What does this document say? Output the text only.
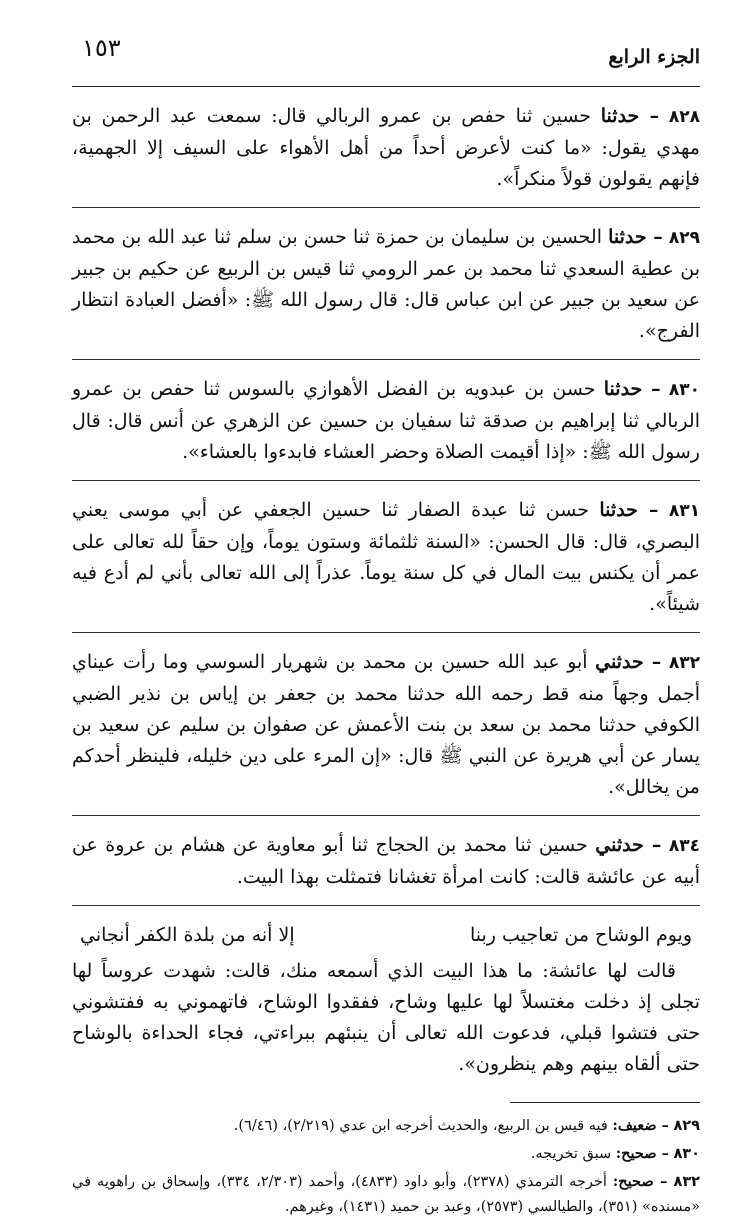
الجزء الرابع
١٥٣
٨٢٨ – حدثنا حسين ثنا حفص بن عمرو الربالي قال: سمعت عبد الرحمن بن مهدي يقول: «ما كنت لأعرض أحداً من أهل الأهواء على السيف إلا الجهمية، فإنهم يقولون قولاً منكراً».
٨٢٩ – حدثنا الحسين بن سليمان بن حمزة ثنا حسن بن سلم ثنا عبد الله بن محمد بن عطية السعدي ثنا محمد بن عمر الرومي ثنا قيس بن الربيع عن حكيم بن جبير عن سعيد بن جبير عن ابن عباس قال: قال رسول الله ﷺ: «أفضل العبادة انتظار الفرج».
٨٣٠ – حدثنا حسن بن عبدويه بن الفضل الأهوازي بالسوس ثنا حفص بن عمرو الربالي ثنا إبراهيم بن صدقة ثنا سفيان بن حسين عن الزهري عن أنس قال: قال رسول الله ﷺ: «إذا أقيمت الصلاة وحضر العشاء فابدءوا بالعشاء».
٨٣١ – حدثنا حسن ثنا عبدة الصفار ثنا حسين الجعفي عن أبي موسى يعني البصري، قال: قال الحسن: «السنة ثلثمائة وستون يوماً، وإن حقاً لله تعالى على عمر أن يكنس بيت المال في كل سنة يوماً. عذراً إلى الله تعالى بأني لم أدع فيه شيئاً».
٨٣٢ – حدثني أبو عبد الله حسين بن محمد بن شهريار السوسي وما رأت عيناي أجمل وجهاً منه قط رحمه الله حدثنا محمد بن جعفر بن إياس بن نذير الضبي الكوفي حدثنا محمد بن سعد بن بنت الأعمش عن صفوان بن سليم عن سعيد بن يسار عن أبي هريرة عن النبي ﷺ قال: «إن المرء على دين خليله، فلينظر أحدكم من يخالل».
٨٣٤ – حدثني حسين ثنا محمد بن الحجاج ثنا أبو معاوية عن هشام بن عروة عن أبيه عن عائشة قالت: كانت امرأة تغشانا فتمثلت بهذا البيت.
ويوم الوشاح من تعاجيب ربنا
إلا أنه من بلدة الكفر أنجاني

قالت لها عائشة: ما هذا البيت الذي أسمعه منك، قالت: شهدت عروساً لها تجلى إذ دخلت مغتسلاً لها عليها وشاح، ففقدوا الوشاح، فاتهموني به ففتشوني حتى فتشوا قبلي، فدعوت الله تعالى أن ينبئهم ببراءتي، فجاء الحداءة بالوشاح حتى ألقاه بينهم وهم ينظرون».

٨٢٩ – ضعيف: فيه قيس بن الربيع، والحديث أخرجه ابن عدي (٢/٢١٩)، (٦/٤٦).

٨٣٠ – صحيح: سبق تخريجه.

٨٣٢ – صحيح: أخرجه الترمذي (٢٣٧٨)، وأبو داود (٤٨٣٣)، وأحمد (٢/٣٠٣، ٣٣٤)، وإسحاق بن راهويه في «مسنده» (٣٥١)، والطيالسي (٢٥٧٣)، وعبد بن حميد (١٤٣١)، وغيرهم.
